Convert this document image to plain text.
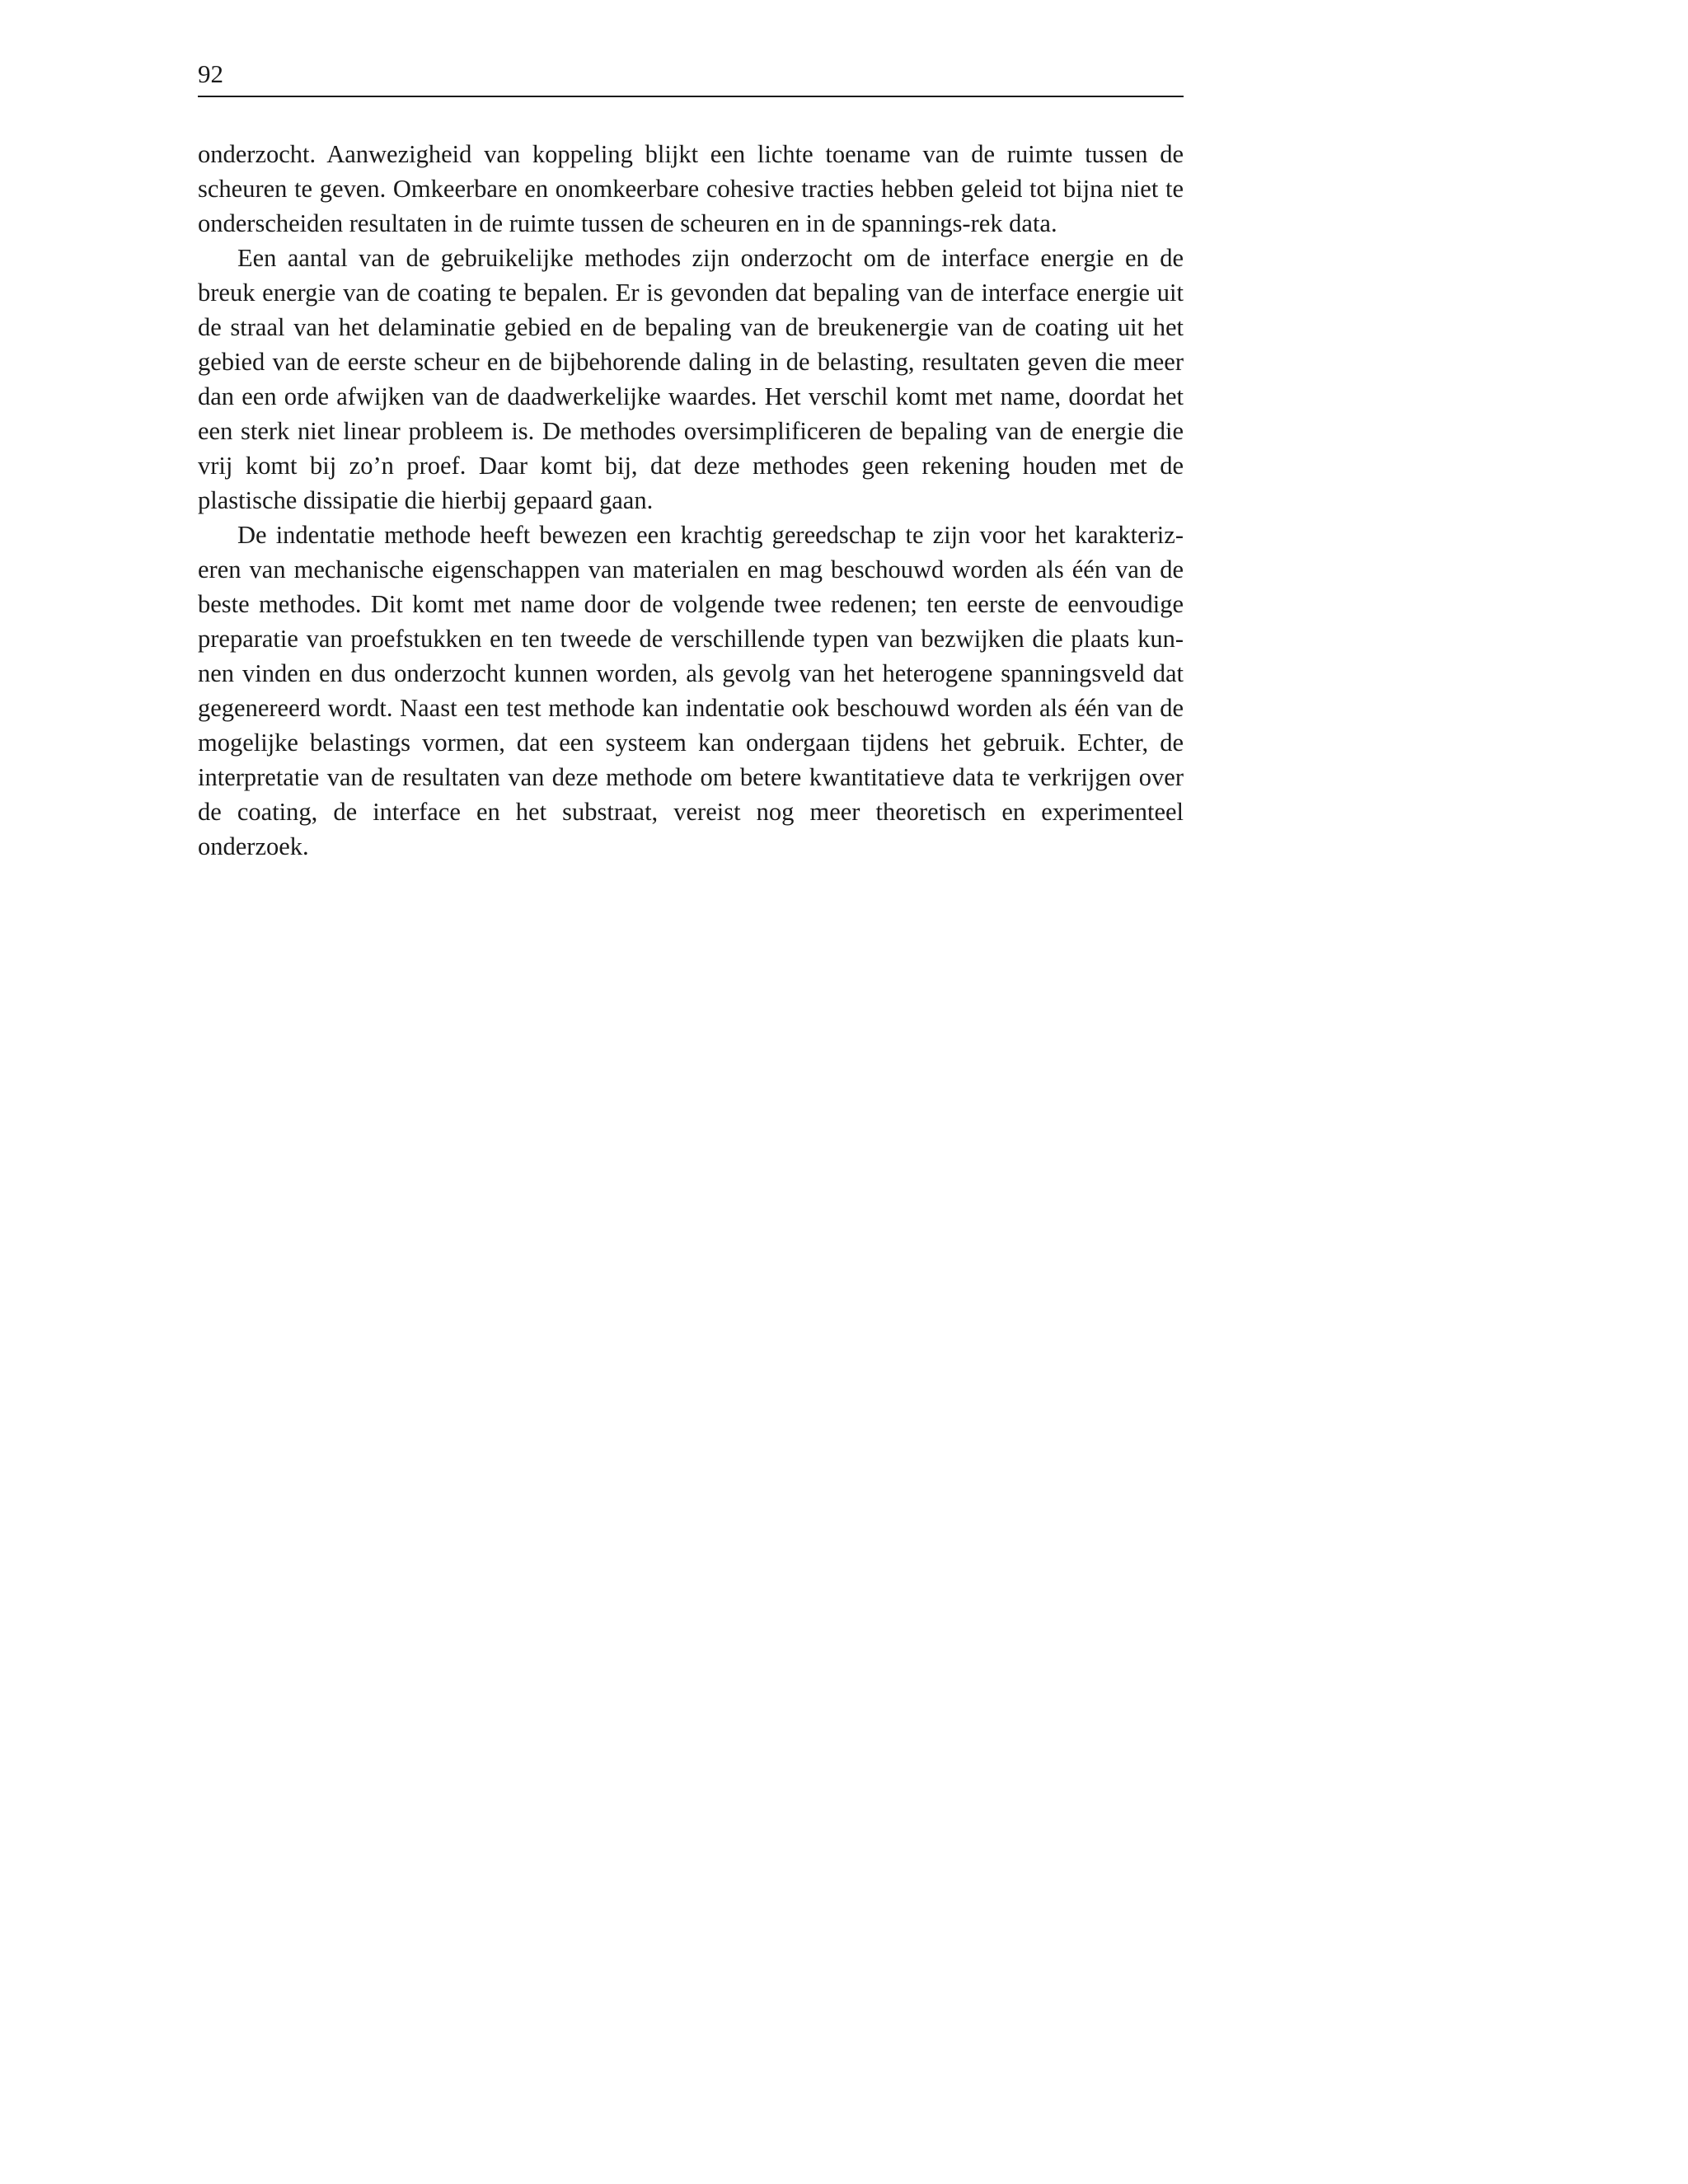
92

onderzocht. Aanwezigheid van koppeling blijkt een lichte toename van de ruimte tussen de scheuren te geven. Omkeerbare en onomkeerbare cohesive tracties hebben geleid tot bijna niet te onderscheiden resultaten in de ruimte tussen de scheuren en in de spannings-rek data.

Een aantal van de gebruikelijke methodes zijn onderzocht om de interface energie en de breuk energie van de coating te bepalen. Er is gevonden dat bepaling van de interface energie uit de straal van het delaminatie gebied en de bepaling van de breukenergie van de coating uit het gebied van de eerste scheur en de bijbehorende daling in de belasting, resultaten geven die meer dan een orde afwijken van de daadwerkelijke waardes. Het verschil komt met name, doordat het een sterk niet linear probleem is. De methodes oversimplificeren de bepaling van de energie die vrij komt bij zo’n proef. Daar komt bij, dat deze methodes geen rekening houden met de plastische dissipatie die hierbij gepaard gaan.

De indentatie methode heeft bewezen een krachtig gereedschap te zijn voor het karakterizeren van mechanische eigenschappen van materialen en mag beschouwd worden als één van de beste methodes. Dit komt met name door de volgende twee redenen; ten eerste de eenvoudige preparatie van proefstukken en ten tweede de verschillende typen van bezwijken die plaats kunnen vinden en dus onderzocht kunnen worden, als gevolg van het heterogene spanningsveld dat gegenereerd wordt. Naast een test methode kan indentatie ook beschouwd worden als één van de mogelijke belastings vormen, dat een systeem kan ondergaan tijdens het gebruik. Echter, de interpretatie van de resultaten van deze methode om betere kwantitatieve data te verkrijgen over de coating, de interface en het substraat, vereist nog meer theoretisch en experimenteel onderzoek.
